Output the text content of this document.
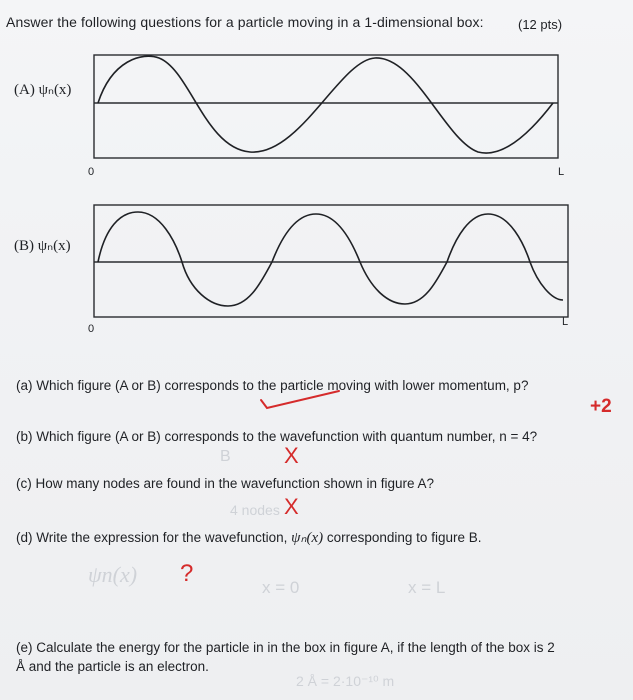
Answer the following questions for a particle moving in a 1-dimensional box:	(12 pts)
(A) ψₙ(x)
0	L
(B) ψₙ(x)
0
L
(a) Which figure (A or B) corresponds to the particle moving with lower momentum, p?
+2
(b) Which figure (A or B) corresponds to the wavefunction with quantum number, n = 4?
B X
(c) How many nodes are found in the wavefunction shown in figure A?
4 nodes X
(d) Write the expression for the wavefunction, ψₙ(x) corresponding to figure B.
ψn(x) ?
x = 0	x = L
(e) Calculate the energy for the particle in in the box in figure A, if the length of the box is 2
Å and the particle is an electron.
2 Å = 2·10⁻¹⁰ m
